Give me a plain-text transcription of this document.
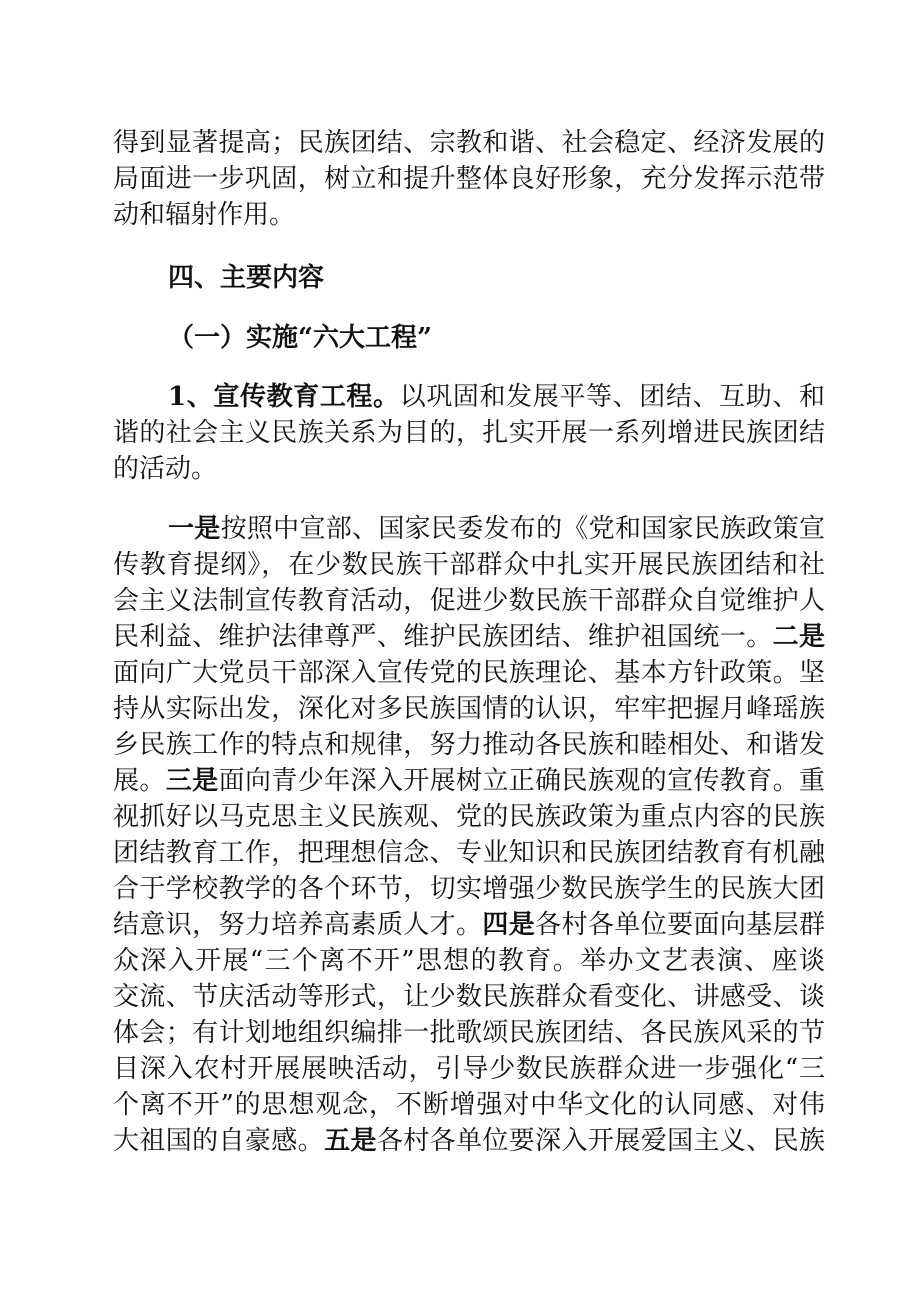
得到显著提高；民族团结、宗教和谐、社会稳定、经济发展的
局面进一步巩固，树立和提升整体良好形象，充分发挥示范带
动和辐射作用。
四、主要内容
（一）实施“六大工程”
1、宣传教育工程。以巩固和发展平等、团结、互助、和
谐的社会主义民族关系为目的，扎实开展一系列增进民族团结
的活动。
一是按照中宣部、国家民委发布的《党和国家民族政策宣
传教育提纲》，在少数民族干部群众中扎实开展民族团结和社
会主义法制宣传教育活动，促进少数民族干部群众自觉维护人
民利益、维护法律尊严、维护民族团结、维护祖国统一。二是
面向广大党员干部深入宣传党的民族理论、基本方针政策。坚
持从实际出发，深化对多民族国情的认识，牢牢把握月峰瑶族
乡民族工作的特点和规律，努力推动各民族和睦相处、和谐发
展。三是面向青少年深入开展树立正确民族观的宣传教育。重
视抓好以马克思主义民族观、党的民族政策为重点内容的民族
团结教育工作，把理想信念、专业知识和民族团结教育有机融
合于学校教学的各个环节，切实增强少数民族学生的民族大团
结意识，努力培养高素质人才。四是各村各单位要面向基层群
众深入开展“三个离不开”思想的教育。举办文艺表演、座谈
交流、节庆活动等形式，让少数民族群众看变化、讲感受、谈
体会；有计划地组织编排一批歌颂民族团结、各民族风采的节
目深入农村开展展映活动，引导少数民族群众进一步强化“三
个离不开”的思想观念，不断增强对中华文化的认同感、对伟
大祖国的自豪感。五是各村各单位要深入开展爱国主义、民族
